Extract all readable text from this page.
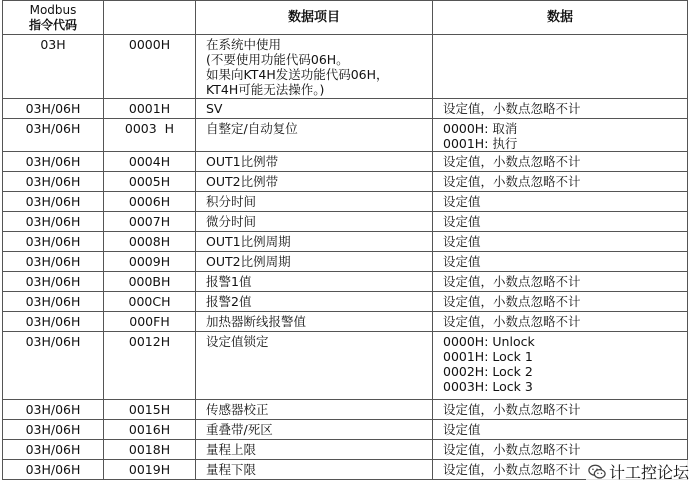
Modbus
指令代码		数据项目	数据
03H	0000H	在系统中使用
(不要使用功能代码06H。
如果向KT4H发送功能代码06H，
KT4H可能无法操作。)	

03H/06H	0001H	SV	设定值，小数点忽略不计

03H/06H	0003  H	自整定/自动复位	0000H: 取消
0001H: 执行

03H/06H	0004H	OUT1比例带	设定值，小数点忽略不计

03H/06H	0005H	OUT2比例带	设定值，小数点忽略不计

03H/06H	0006H	积分时间	设定值

03H/06H	0007H	微分时间	设定值

03H/06H	0008H	OUT1比例周期	设定值

03H/06H	0009H	OUT2比例周期	设定值

03H/06H	000BH	报警1值	设定值，小数点忽略不计

03H/06H	000CH	报警2值	设定值，小数点忽略不计

03H/06H	000FH	加热器断线报警值	设定值，小数点忽略不计

03H/06H	0012H	设定值锁定	0000H: Unlock
0001H: Lock 1
0002H: Lock 2
0003H: Lock 3

03H/06H	0015H	传感器校正	设定值，小数点忽略不计

03H/06H	0016H	重叠带/死区	设定值

03H/06H	0018H	量程上限	设定值，小数点忽略不计

03H/06H	0019H	量程下限	设定值，小数点忽略不计	计工控论坛
